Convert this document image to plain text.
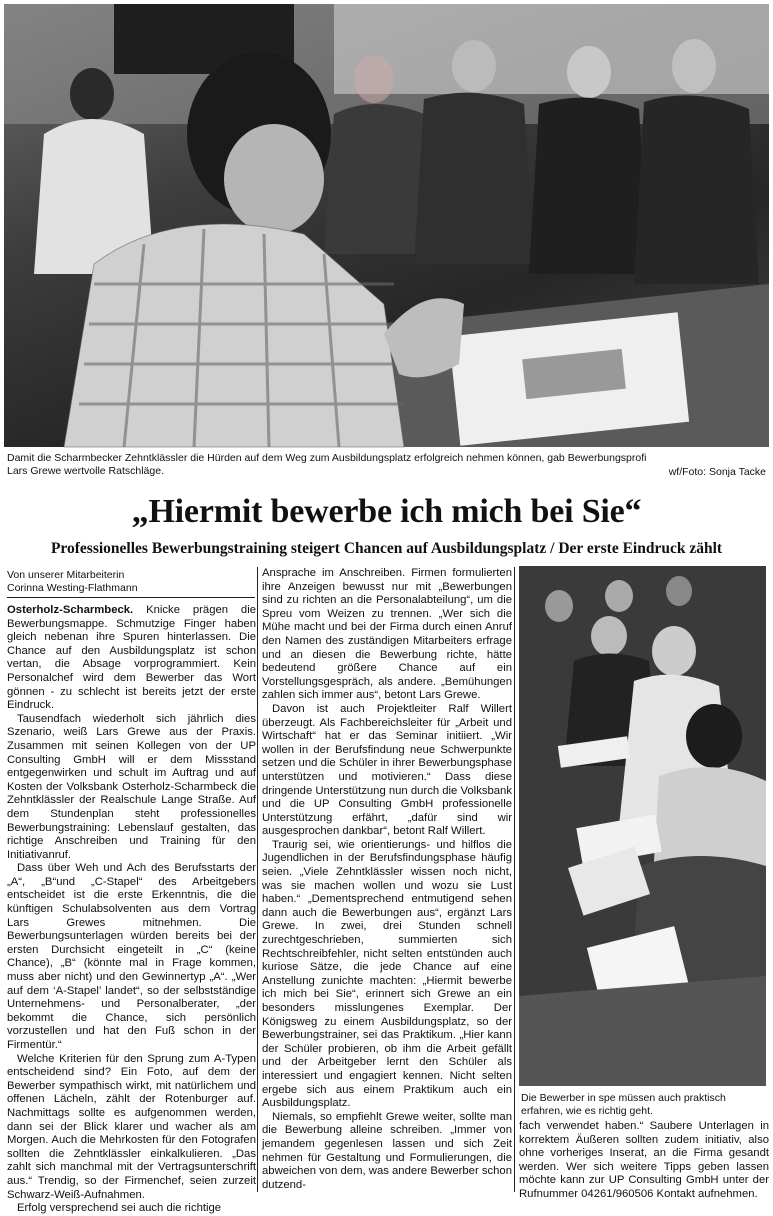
Damit die Scharmbecker Zehntklässler die Hürden auf dem Weg zum Ausbildungsplatz erfolgreich nehmen können, gab Bewerbungsprofi Lars Grewe wertvolle Ratschläge.	wf/Foto: Sonja Tacke
„Hiermit bewerbe ich mich bei Sie“
Professionelles Bewerbungstraining steigert Chancen auf Ausbildungsplatz / Der erste Eindruck zählt
Von unserer Mitarbeiterin
Corinna Westing-Flathmann

Osterholz-Scharmbeck. Knicke prägen die Bewerbungsmappe. Schmutzige Finger haben gleich nebenan ihre Spuren hinterlassen. Die Chance auf den Ausbildungsplatz ist schon vertan, die Absage vorprogrammiert. Kein Personalchef wird dem Bewerber das Wort gönnen - zu schlecht ist bereits jetzt der erste Eindruck.

Tausendfach wiederholt sich jährlich dies Szenario, weiß Lars Grewe aus der Praxis. Zusammen mit seinen Kollegen von der UP Consulting GmbH will er dem Missstand entgegenwirken und schult im Auftrag und auf Kosten der Volksbank Osterholz-Scharmbeck die Zehntklässler der Realschule Lange Straße. Auf dem Stundenplan steht professionelles Bewerbungstraining: Lebenslauf gestalten, das richtige Anschreiben und Training für den Initiativanruf.

Dass über Weh und Ach des Berufsstarts der „A“, „B“und „C-Stapel“ des Arbeitgebers entscheidet ist die erste Erkenntnis, die die künftigen Schulabsolventen aus dem Vortrag Lars Grewes mitnehmen. Die Bewerbungsunterlagen würden bereits bei der ersten Durchsicht eingeteilt in „C“ (keine Chance), „B“ (könnte mal in Frage kommen, muss aber nicht) und den Gewinnertyp „A“. „Wer auf dem ‘A-Stapel’ landet“, so der selbstständige Unternehmens- und Personalberater, „der bekommt die Chance, sich persönlich vorzustellen und hat den Fuß schon in der Firmentür.“

Welche Kriterien für den Sprung zum A-Typen entscheidend sind? Ein Foto, auf dem der Bewerber sympathisch wirkt, mit natürlichem und offenen Lächeln, zählt der Rotenburger auf. Nachmittags sollte es aufgenommen werden, dann sei der Blick klarer und wacher als am Morgen. Auch die Mehrkosten für den Fotografen sollten die Zehntklässler einkalkulieren. „Das zahlt sich manchmal mit der Vertragsunterschrift aus.“ Trendig, so der Firmenchef, seien zurzeit Schwarz-Weiß-Aufnahmen.

Erfolg versprechend sei auch die richtige

Ansprache im Anschreiben. Firmen formulierten ihre Anzeigen bewusst nur mit „Bewerbungen sind zu richten an die Personalabteilung“, um die Spreu vom Weizen zu trennen. „Wer sich die Mühe macht und bei der Firma durch einen Anruf den Namen des zuständigen Mitarbeiters erfrage und an diesen die Bewerbung richte, hätte bedeutend größere Chance auf ein Vorstellungsgespräch, als andere. „Bemühungen zahlen sich immer aus“, betont Lars Grewe.

Davon ist auch Projektleiter Ralf Willert überzeugt. Als Fachbereichsleiter für „Arbeit und Wirtschaft“ hat er das Seminar initiiert. „Wir wollen in der Berufsfindung neue Schwerpunkte setzen und die Schüler in ihrer Bewerbungsphase unterstützen und motivieren.“ Dass diese dringende Unterstützung nun durch die Volksbank und die UP Consulting GmbH professionelle Unterstützung erfährt, „dafür sind wir ausgesprochen dankbar“, betont Ralf Willert.

Traurig sei, wie orientierungs- und hilflos die Jugendlichen in der Berufsfindungsphase häufig seien. „Viele Zehntklässler wissen noch nicht, was sie machen wollen und wozu sie Lust haben.“ „Dementsprechend entmutigend sehen dann auch die Bewerbungen aus“, ergänzt Lars Grewe. In zwei, drei Stunden schnell zurechtgeschrieben, summierten sich Rechtschreibfehler, nicht selten entstünden auch kuriose Sätze, die jede Chance auf eine Anstellung zunichte machten: „Hiermit bewerbe ich mich bei Sie“, erinnert sich Grewe an ein besonders misslungenes Exemplar. Der Königsweg zu einem Ausbildungsplatz, so der Bewerbungstrainer, sei das Praktikum. „Hier kann der Schüler probieren, ob ihm die Arbeit gefällt und der Arbeitgeber lernt den Schüler als interessiert und engagiert kennen. Nicht selten ergebe sich aus einem Praktikum auch ein Ausbildungsplatz.

Niemals, so empfiehlt Grewe weiter, sollte man die Bewerbung alleine schreiben. „Immer von jemandem gegenlesen lassen und sich Zeit nehmen für Gestaltung und Formulierungen, die abweichen von dem, was andere Bewerber schon dutzend-

Die Bewerber in spe müssen auch praktisch erfahren, wie es richtig geht.

fach verwendet haben.“ Saubere Unterlagen in korrektem Äußeren sollten zudem initiativ, also ohne vorheriges Inserat, an die Firma gesandt werden. Wer sich weitere Tipps geben lassen möchte kann zur UP Consulting GmbH unter der Rufnummer 04261/960506 Kontakt aufnehmen.
